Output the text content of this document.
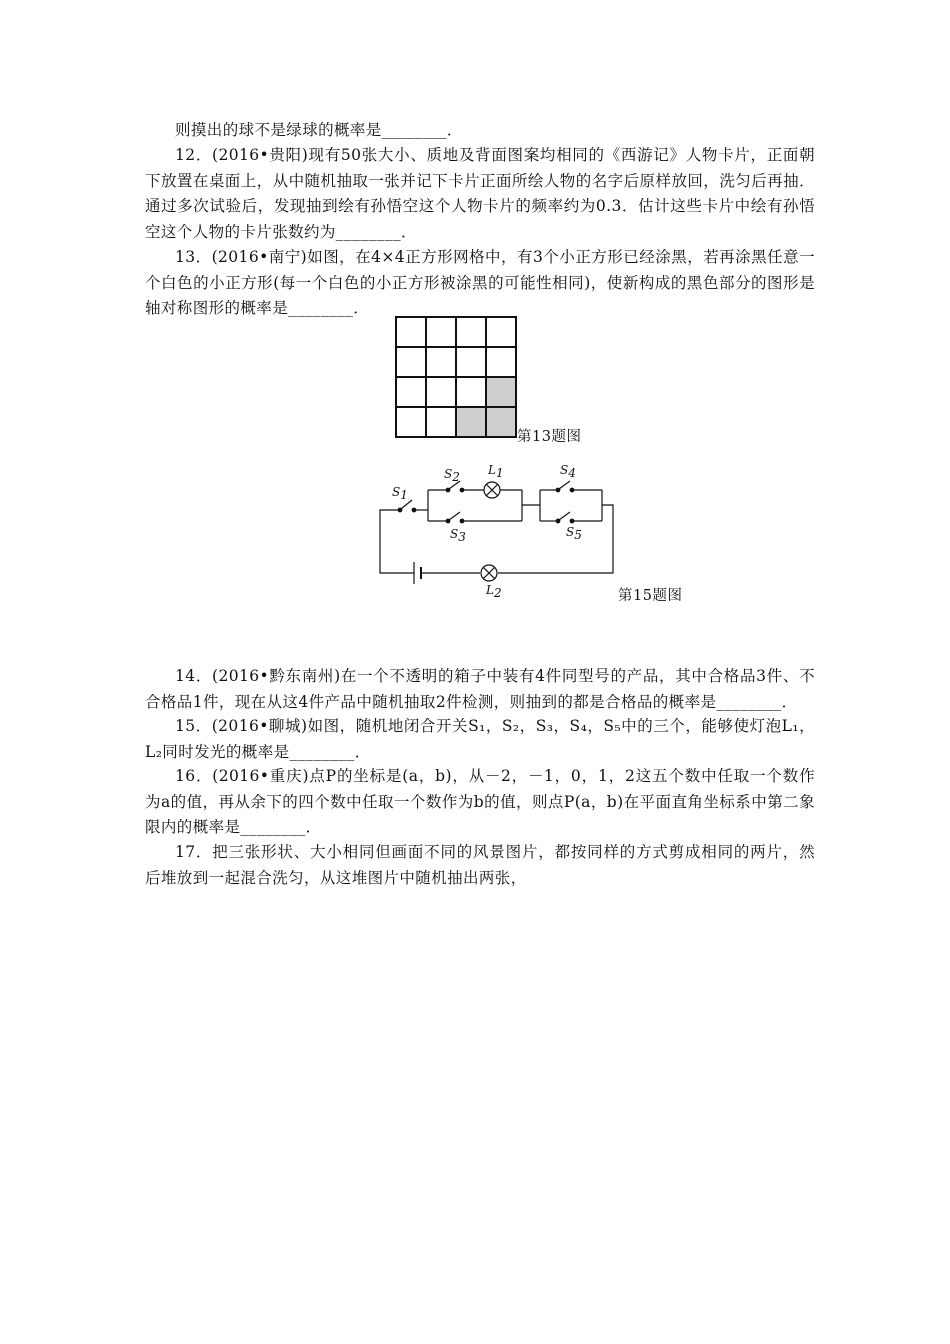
则摸出的球不是绿球的概率是________．
12．(2016•贵阳)现有50张大小、质地及背面图案均相同的《西游记》人物卡片，正面朝下放置在桌面上，从中随机抽取一张并记下卡片正面所绘人物的名字后原样放回，洗匀后再抽．通过多次试验后，发现抽到绘有孙悟空这个人物卡片的频率约为0.3．估计这些卡片中绘有孙悟空这个人物的卡片张数约为________．
13．(2016•南宁)如图，在4×4正方形网格中，有3个小正方形已经涂黑，若再涂黑任意一个白色的小正方形(每一个白色的小正方形被涂黑的可能性相同)，使新构成的黑色部分的图形是轴对称图形的概率是________．
第13题图
S1
S2 L1
S3
S4
S5
L2	第15题图
14．(2016•黔东南州)在一个不透明的箱子中装有4件同型号的产品，其中合格品3件、不合格品1件，现在从这4件产品中随机抽取2件检测，则抽到的都是合格品的概率是________．
15．(2016•聊城)如图，随机地闭合开关S₁，S₂，S₃，S₄，S₅中的三个，能够使灯泡L₁，L₂同时发光的概率是________．
16．(2016•重庆)点P的坐标是(a，b)，从－2，－1，0，1，2这五个数中任取一个数作为a的值，再从余下的四个数中任取一个数作为b的值，则点P(a，b)在平面直角坐标系中第二象限内的概率是________．
17．把三张形状、大小相同但画面不同的风景图片，都按同样的方式剪成相同的两片，然后堆放到一起混合洗匀，从这堆图片中随机抽出两张，
